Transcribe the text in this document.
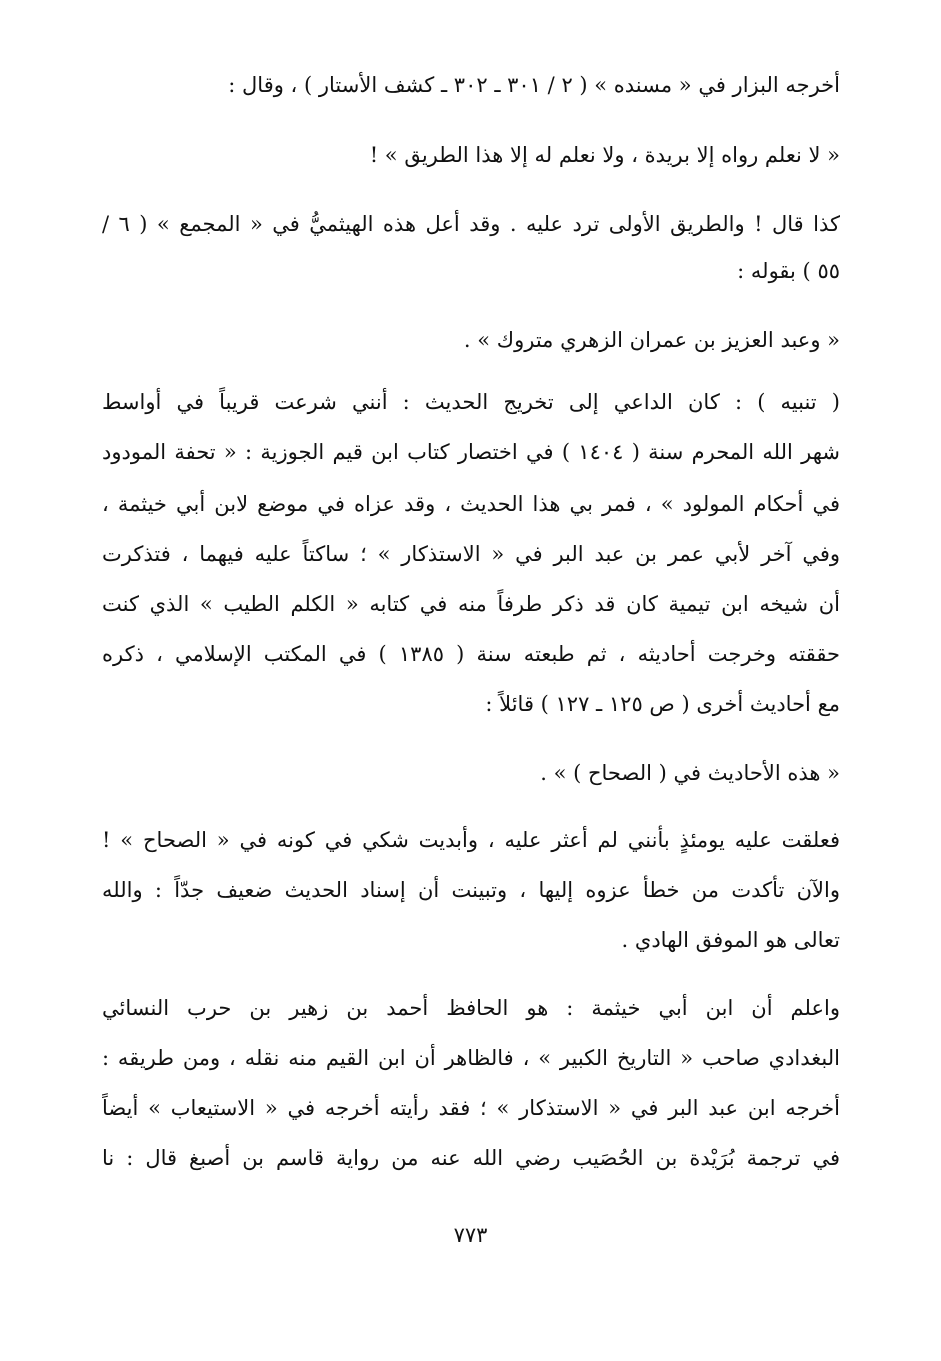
أخرجه البزار في « مسنده » ( ٢ / ٣٠١ ـ ٣٠٢ ـ كشف الأستار ) ، وقال :
« لا نعلم رواه إلا بريدة ، ولا نعلم له إلا هذا الطريق » !
كذا قال ! والطريق الأولى ترد عليه . وقد أعل هذه الهيثميُّ في « المجمع » ( ٦ /
٥٥ ) بقوله :
« وعبد العزيز بن عمران الزهري متروك » .
( تنبيه ) : كان الداعي إلى تخريج الحديث : أنني شرعت قريباً في أواسط
شهر الله المحرم سنة ( ١٤٠٤ ) في اختصار كتاب ابن قيم الجوزية : « تحفة المودود
في أحكام المولود » ، فمر بي هذا الحديث ، وقد عزاه في موضع لابن أبي خيثمة ،
وفي آخر لأبي عمر بن عبد البر في « الاستذكار » ؛ ساكتاً عليه فيهما ، فتذكرت
أن شيخه ابن تيمية كان قد ذكر طرفاً منه في كتابه « الكلم الطيب » الذي كنت
حققته وخرجت أحاديثه ، ثم طبعته سنة ( ١٣٨٥ ) في المكتب الإسلامي ، ذكره
مع أحاديث أخرى ( ص ١٢٥ ـ ١٢٧ ) قائلاً :
« هذه الأحاديث في ( الصحاح ) » .
فعلقت عليه يومئذٍ بأنني لم أعثر عليه ، وأبديت شكي في كونه في « الصحاح » !
والآن تأكدت من خطأ عزوه إليها ، وتبينت أن إسناد الحديث ضعيف جدّاً : والله
تعالى هو الموفق الهادي .
واعلم أن ابن أبي خيثمة : هو الحافظ أحمد بن زهير بن حرب النسائي
البغدادي صاحب « التاريخ الكبير » ، فالظاهر أن ابن القيم منه نقله ، ومن طريقه :
أخرجه ابن عبد البر في « الاستذكار » ؛ فقد رأيته أخرجه في « الاستيعاب » أيضاً
في ترجمة بُرَيْدة بن الحُصَيب رضي الله عنه من رواية قاسم بن أصبغ قال : نا
٧٧٣
